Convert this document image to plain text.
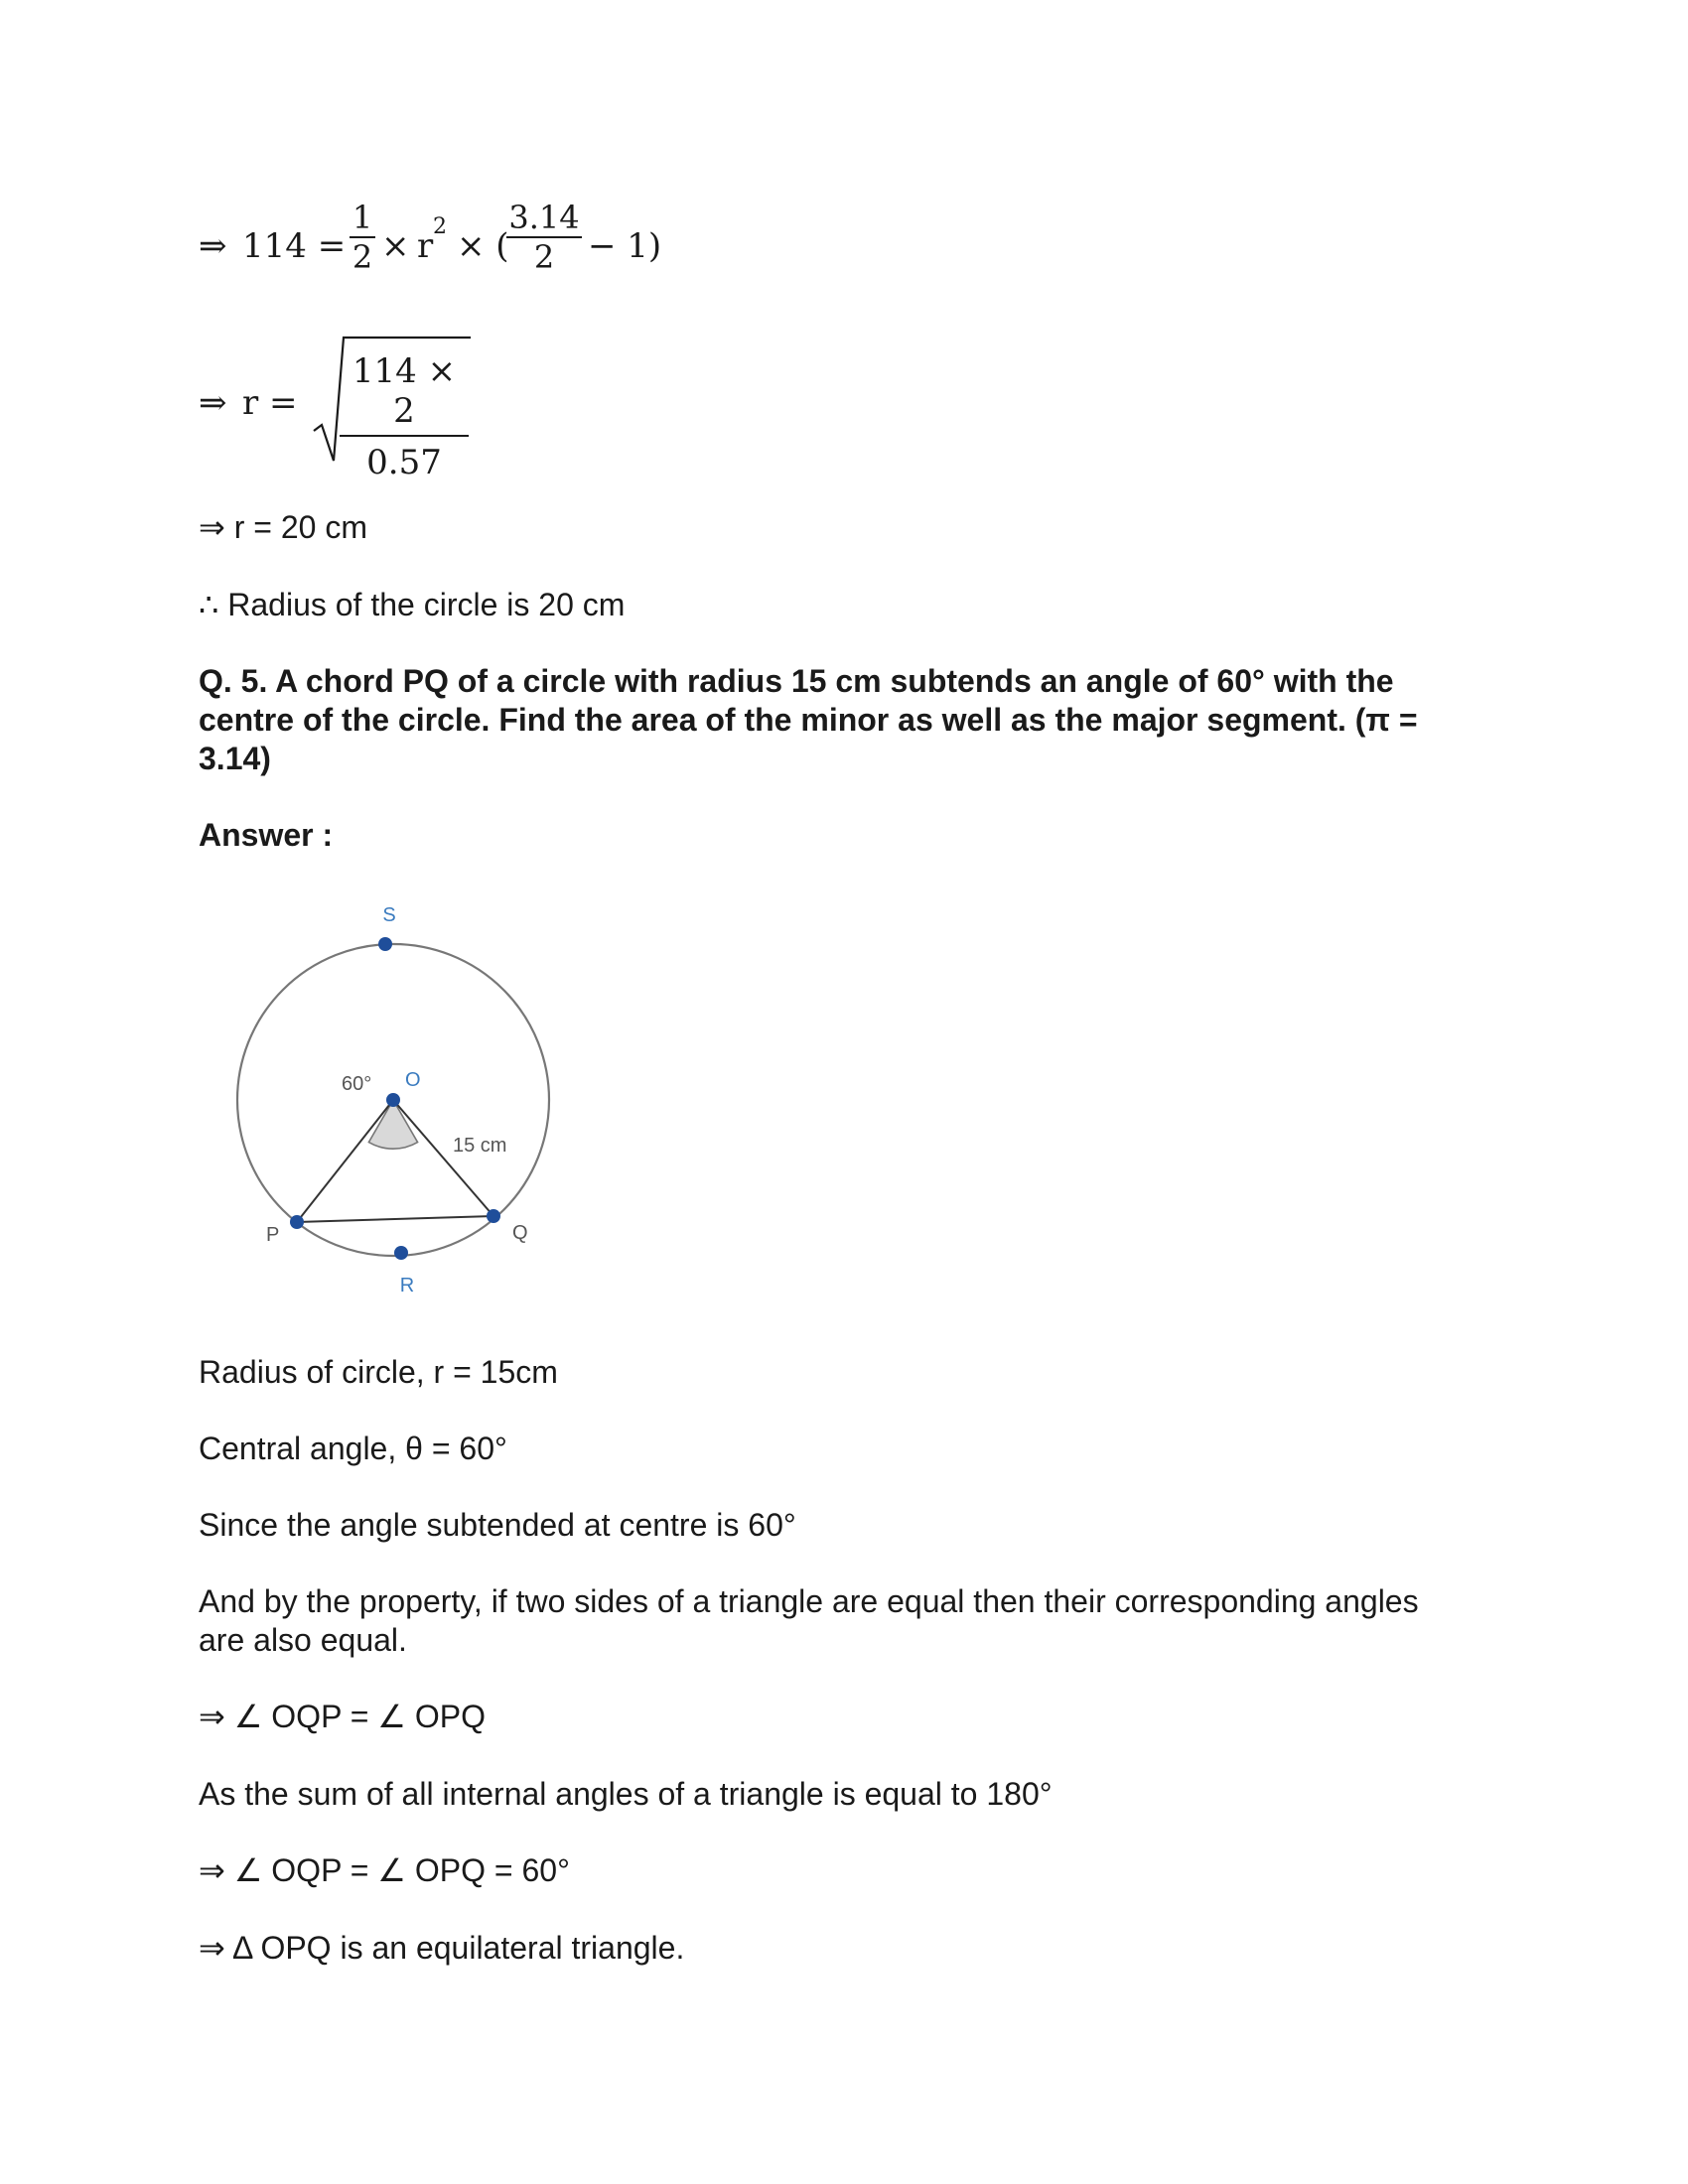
⇒ 114 =
1
2 × r 2 × (
3.14
2 − 1)
⇒ r =
114 × 2
0.57
⇒ r = 20 cm
∴ Radius of the circle is 20 cm
Q. 5. A chord PQ of a circle with radius 15 cm subtends an angle of 60° with the
centre of the circle. Find the area of the minor as well as the major segment. (π =
3.14)
Answer :
S
O
60°
15 cm
P	Q
R
Radius of circle, r = 15cm
Central angle, θ = 60°
Since the angle subtended at centre is 60°
And by the property, if two sides of a triangle are equal then their corresponding angles
are also equal.
⇒ ∠ OQP = ∠ OPQ
As the sum of all internal angles of a triangle is equal to 180°
⇒ ∠ OQP = ∠ OPQ = 60°
⇒ Δ OPQ is an equilateral triangle.
